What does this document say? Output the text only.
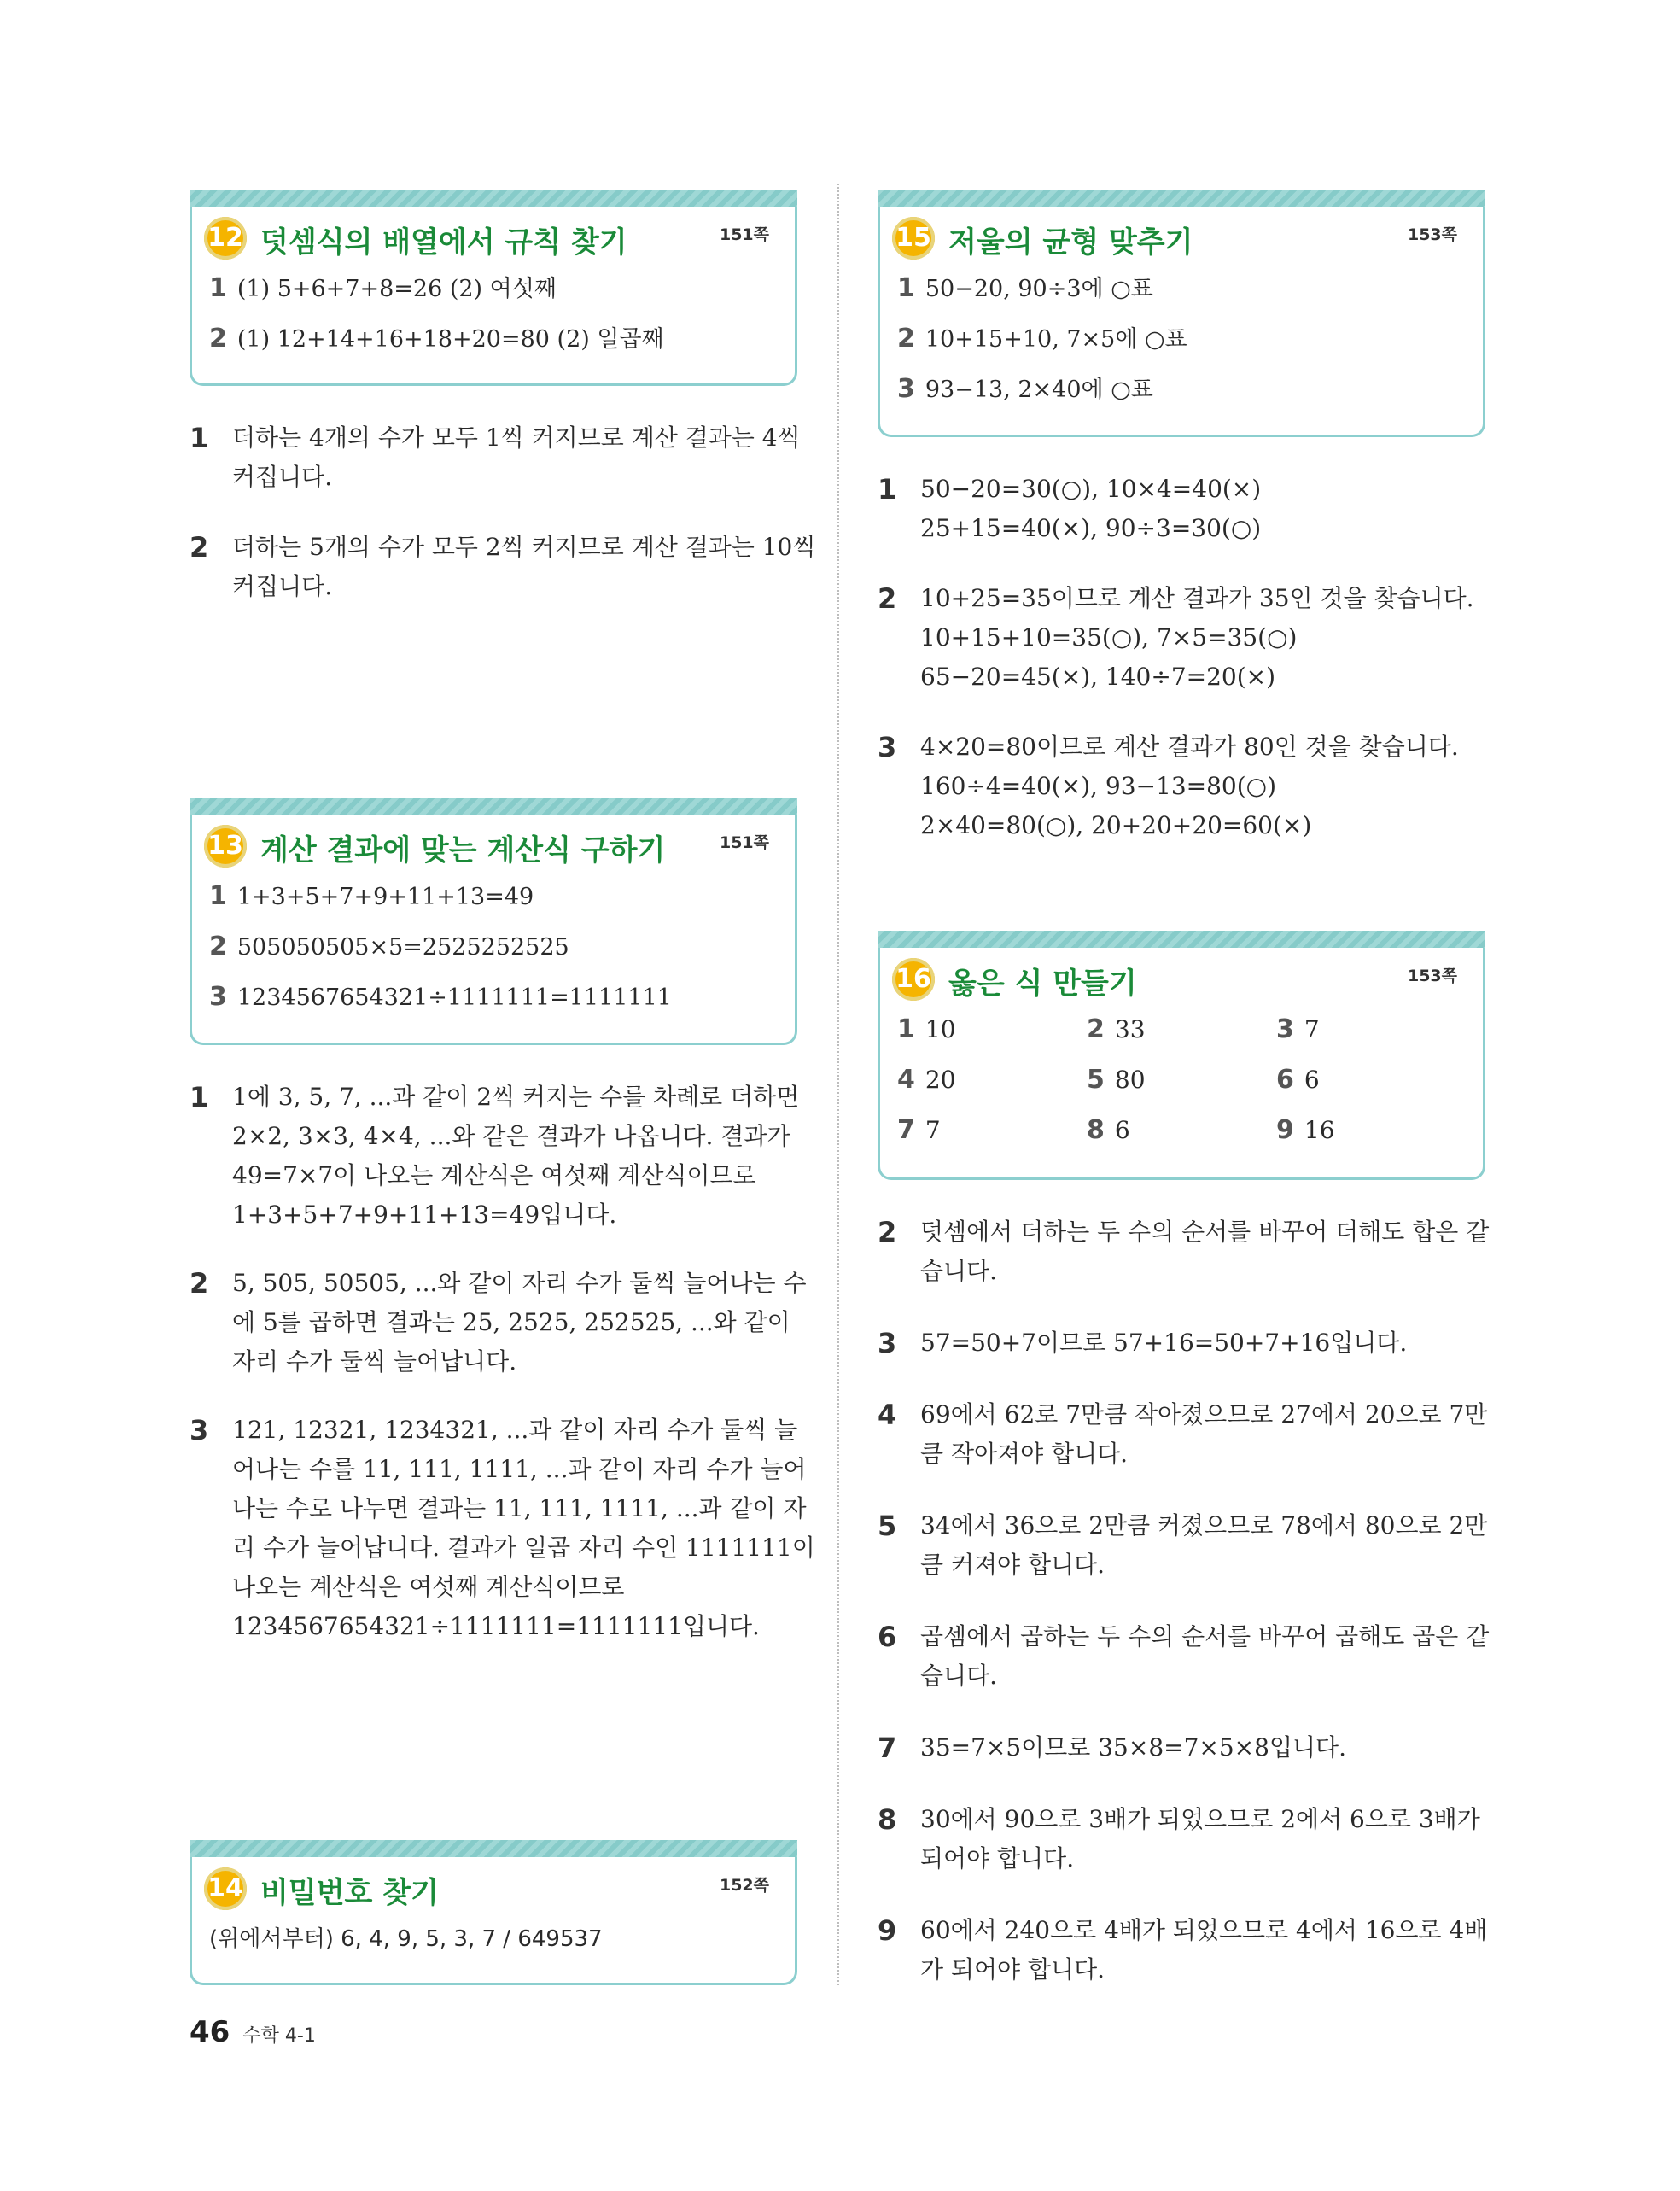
12 덧셈식의 배열에서 규칙 찾기	151쪽
1 (1) 5+6+7+8=26 (2) 여섯째
2 (1) 12+14+16+18+20=80 (2) 일곱째
1 더하는 4개의 수가 모두 1씩 커지므로 계산 결과는 4씩
커집니다.
2 더하는 5개의 수가 모두 2씩 커지므로 계산 결과는 10씩
커집니다.
13 계산 결과에 맞는 계산식 구하기	151쪽
1 1+3+5+7+9+11+13=49
2 505050505×5=2525252525
3 1234567654321÷1111111=1111111
1 1에 3, 5, 7, ...과 같이 2씩 커지는 수를 차례로 더하면
2×2, 3×3, 4×4, ...와 같은 결과가 나옵니다. 결과가
49=7×7이 나오는 계산식은 여섯째 계산식이므로
1+3+5+7+9+11+13=49입니다.
2 5, 505, 50505, ...와 같이 자리 수가 둘씩 늘어나는 수
에 5를 곱하면 결과는 25, 2525, 252525, ...와 같이
자리 수가 둘씩 늘어납니다.
3 121, 12321, 1234321, ...과 같이 자리 수가 둘씩 늘
어나는 수를 11, 111, 1111, ...과 같이 자리 수가 늘어
나는 수로 나누면 결과는 11, 111, 1111, ...과 같이 자
리 수가 늘어납니다. 결과가 일곱 자리 수인 1111111이
나오는 계산식은 여섯째 계산식이므로
1234567654321÷1111111=1111111입니다.
14 비밀번호 찾기	152쪽
(위에서부터) 6, 4, 9, 5, 3, 7 / 649537
15 저울의 균형 맞추기	153쪽
1 50−20, 90÷3에 ○표
2 10+15+10, 7×5에 ○표
3 93−13, 2×40에 ○표
1 50−20=30(○), 10×4=40(×)
25+15=40(×), 90÷3=30(○)
2 10+25=35이므로 계산 결과가 35인 것을 찾습니다.
10+15+10=35(○), 7×5=35(○)
65−20=45(×), 140÷7=20(×)
3 4×20=80이므로 계산 결과가 80인 것을 찾습니다.
160÷4=40(×), 93−13=80(○)
2×40=80(○), 20+20+20=60(×)
16 옳은 식 만들기	153쪽
1 10	2 33	3 7
4 20	5 80	6 6
7 7	8 6	9 16
2 덧셈에서 더하는 두 수의 순서를 바꾸어 더해도 합은 같
습니다.
3 57=50+7이므로 57+16=50+7+16입니다.
4 69에서 62로 7만큼 작아졌으므로 27에서 20으로 7만
큼 작아져야 합니다.
5 34에서 36으로 2만큼 커졌으므로 78에서 80으로 2만
큼 커져야 합니다.
6 곱셈에서 곱하는 두 수의 순서를 바꾸어 곱해도 곱은 같
습니다.
7 35=7×5이므로 35×8=7×5×8입니다.
8 30에서 90으로 3배가 되었으므로 2에서 6으로 3배가
되어야 합니다.
9 60에서 240으로 4배가 되었으므로 4에서 16으로 4배
가 되어야 합니다.
46 수학 4-1
